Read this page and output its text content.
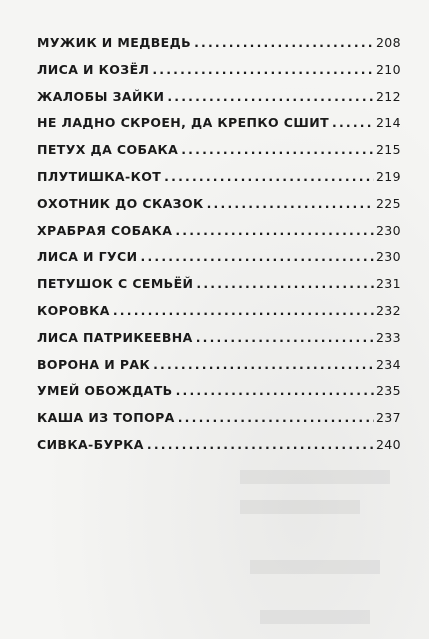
МУЖИК И МЕДВЕДЬ .....	208
ЛИСА И КОЗЁЛ .....	210
ЖАЛОБЫ ЗАЙКИ .....	212
НЕ ЛАДНО СКРОЕН, ДА КРЕПКО СШИТ .....	214
ПЕТУХ ДА СОБАКА .....	215
ПЛУТИШКА-КОТ .....	219
ОХОТНИК ДО СКАЗОК .....	225
ХРАБРАЯ СОБАКА .....	230
ЛИСА И ГУСИ .....	230
ПЕТУШОК С СЕМЬЁЙ .....	231
КОРОВКА .....	232
ЛИСА ПАТРИКЕЕВНА .....	233
ВОРОНА И РАК .....	234
УМЕЙ ОБОЖДАТЬ .....	235
КАША ИЗ ТОПОРА .....	237
СИВКА-БУРКА .....	240
